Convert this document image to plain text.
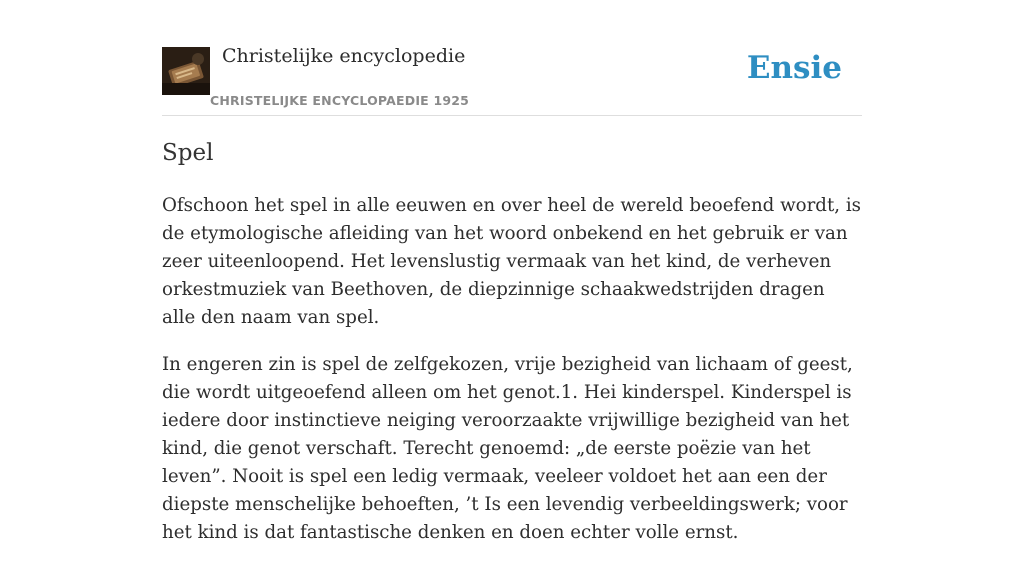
Christelijke encyclopedie
CHRISTELIJKE ENCYCLOPAEDIE 1925
Ensie
Spel

Ofschoon het spel in alle eeuwen en over heel de wereld beoefend wordt, is de etymologische afleiding van het woord onbekend en het gebruik er van zeer uiteenloopend. Het levenslustig vermaak van het kind, de verheven orkestmuziek van Beethoven, de diepzinnige schaakwedstrijden dragen alle den naam van spel.

In engeren zin is spel de zelfgekozen, vrije bezigheid van lichaam of geest, die wordt uitgeoefend alleen om het genot.1. Hei kinderspel. Kinderspel is iedere door instinctieve neiging veroorzaakte vrijwillige bezigheid van het kind, die genot verschaft. Terecht genoemd: „de eerste poëzie van het leven”. Nooit is spel een ledig vermaak, veeleer voldoet het aan een der diepste menschelijke behoeften, ’t Is een levendig verbeeldingswerk; voor het kind is dat fantastische denken en doen echter volle ernst.
